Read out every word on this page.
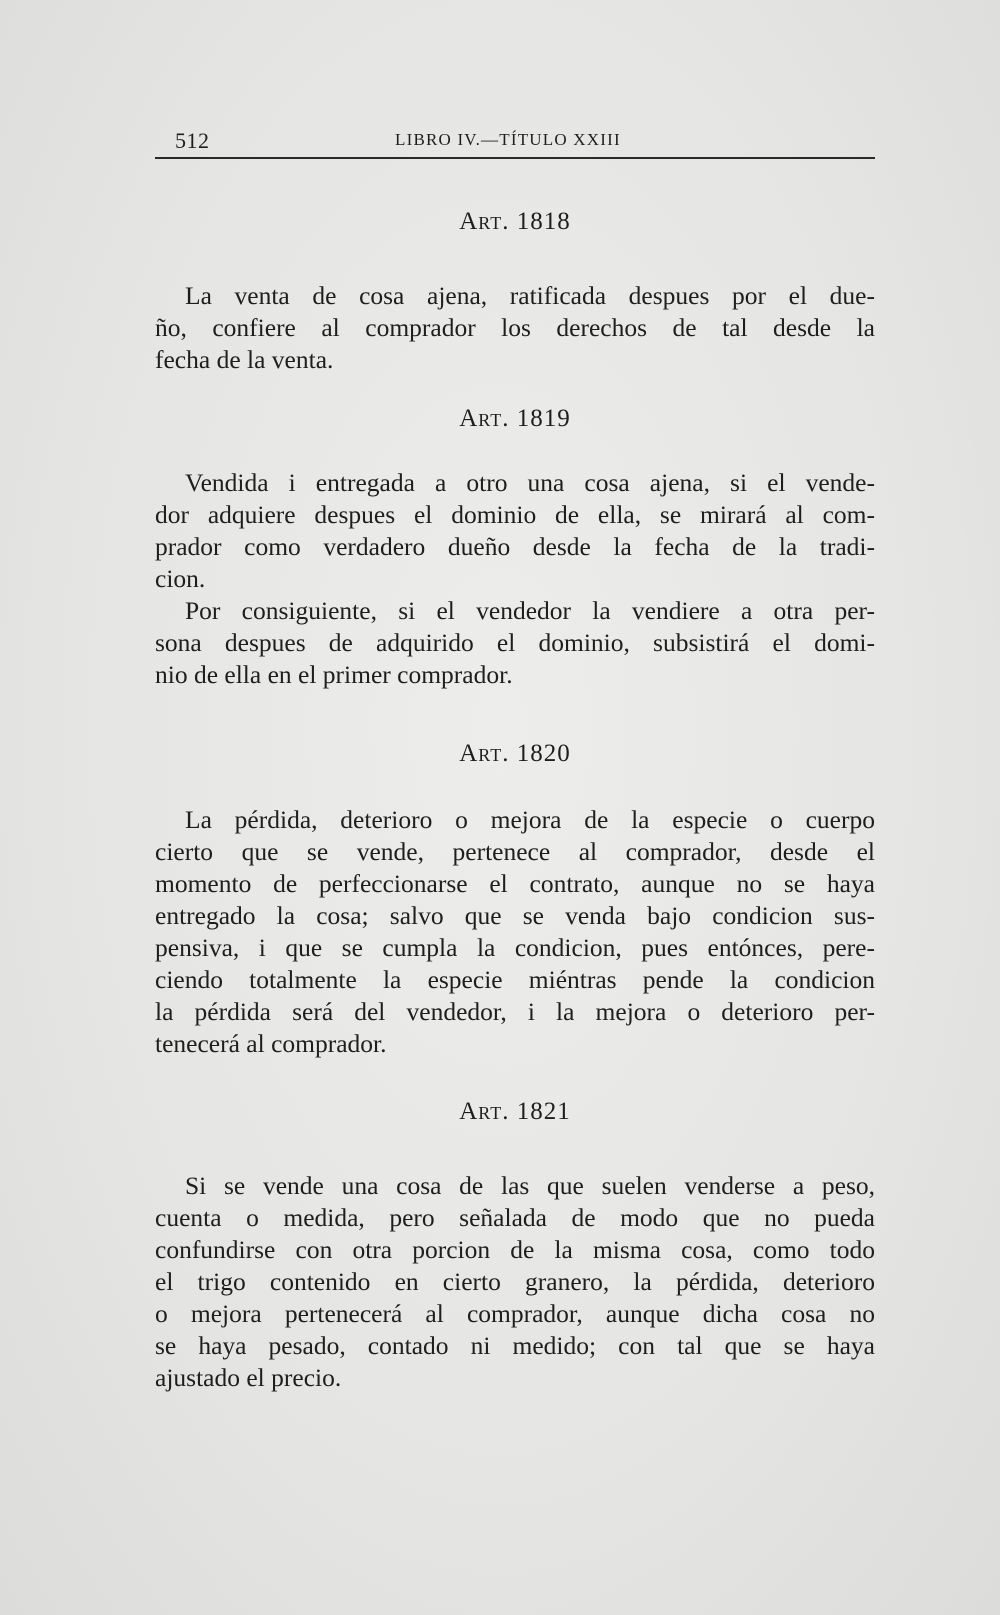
512	LIBRO IV.—TÍTULO XXIII
Art. 1818
La venta de cosa ajena, ratificada despues por el due-
ño, confiere al comprador los derechos de tal desde la
fecha de la venta.
Art. 1819
Vendida i entregada a otro una cosa ajena, si el vende-
dor adquiere despues el dominio de ella, se mirará al com-
prador como verdadero dueño desde la fecha de la tradi-
cion.
Por consiguiente, si el vendedor la vendiere a otra per-
sona despues de adquirido el dominio, subsistirá el domi-
nio de ella en el primer comprador.
Art. 1820
La pérdida, deterioro o mejora de la especie o cuerpo
cierto que se vende, pertenece al comprador, desde el
momento de perfeccionarse el contrato, aunque no se haya
entregado la cosa; salvo que se venda bajo condicion sus-
pensiva, i que se cumpla la condicion, pues entónces, pere-
ciendo totalmente la especie miéntras pende la condicion
la pérdida será del vendedor, i la mejora o deterioro per-
tenecerá al comprador.
Art. 1821
Si se vende una cosa de las que suelen venderse a peso,
cuenta o medida, pero señalada de modo que no pueda
confundirse con otra porcion de la misma cosa, como todo
el trigo contenido en cierto granero, la pérdida, deterioro
o mejora pertenecerá al comprador, aunque dicha cosa no
se haya pesado, contado ni medido; con tal que se haya
ajustado el precio.
